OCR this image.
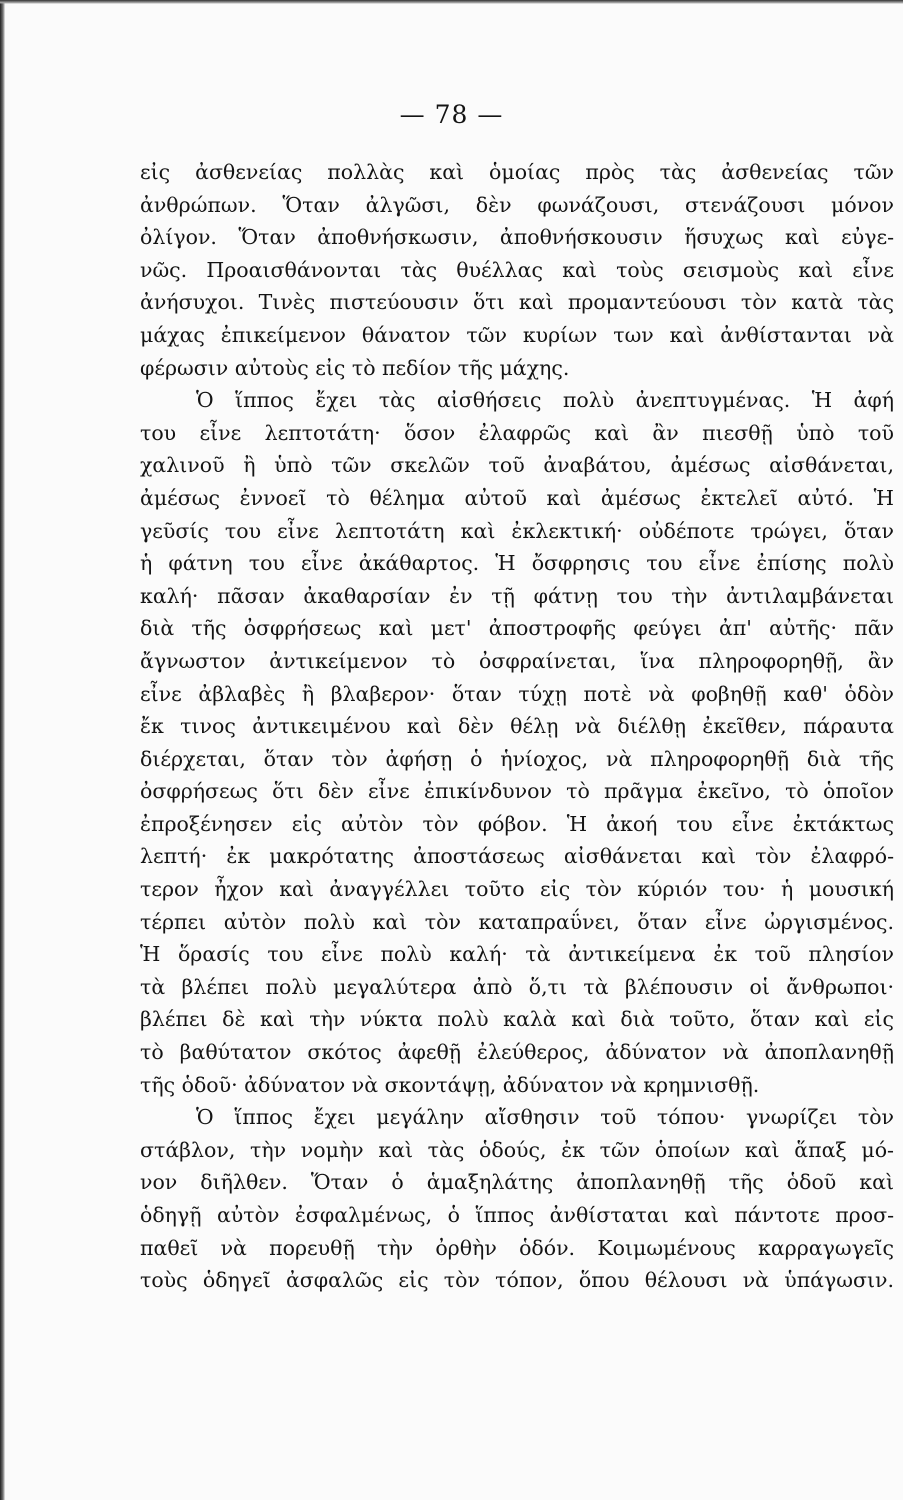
— 78 —

εἰς ἀσθενείας πολλὰς καὶ ὁμοίας πρὸς τὰς ἀσθενείας τῶν
ἀνθρώπων. Ὅταν ἀλγῶσι, δὲν φωνάζουσι, στενάζουσι μόνον
ὀλίγον. Ὅταν ἀποθνήσκωσιν, ἀποθνήσκουσιν ἥσυχως καὶ εὐγε-
νῶς. Προαισθάνονται τὰς θυέλλας καὶ τοὺς σεισμοὺς καὶ εἶνε
ἀνήσυχοι. Τινὲς πιστεύουσιν ὅτι καὶ προμαντεύουσι τὸν κατὰ τὰς
μάχας ἐπικείμενον θάνατον τῶν κυρίων των καὶ ἀνθίστανται νὰ
φέρωσιν αὐτοὺς εἰς τὸ πεδίον τῆς μάχης.

Ὁ ἵππος ἔχει τὰς αἰσθήσεις πολὺ ἀνεπτυγμένας. Ἡ ἀφή
του εἶνε λεπτοτάτη· ὅσον ἐλαφρῶς καὶ ἂν πιεσθῇ ὑπὸ τοῦ
χαλινοῦ ἢ ὑπὸ τῶν σκελῶν τοῦ ἀναβάτου, ἀμέσως αἰσθάνεται,
ἀμέσως ἐννοεῖ τὸ θέλημα αὐτοῦ καὶ ἀμέσως ἐκτελεῖ αὐτό. Ἡ
γεῦσίς του εἶνε λεπτοτάτη καὶ ἐκλεκτική· οὐδέποτε τρώγει, ὅταν
ἡ φάτνη του εἶνε ἀκάθαρτος. Ἡ ὄσφρησις του εἶνε ἐπίσης πολὺ
καλή· πᾶσαν ἀκαθαρσίαν ἐν τῇ φάτνῃ του τὴν ἀντιλαμβάνεται
διὰ τῆς ὀσφρήσεως καὶ μετ' ἀποστροφῆς φεύγει ἀπ' αὐτῆς· πᾶν
ἄγνωστον ἀντικείμενον τὸ ὀσφραίνεται, ἵνα πληροφορηθῇ, ἂν
εἶνε ἀβλαβὲς ἢ βλαβερον· ὅταν τύχῃ ποτὲ νὰ φοβηθῇ καθ' ὁδὸν
ἔκ τινος ἀντικειμένου καὶ δὲν θέλῃ νὰ διέλθῃ ἐκεῖθεν, πάραυτα
διέρχεται, ὅταν τὸν ἀφήσῃ ὁ ἡνίοχος, νὰ πληροφορηθῇ διὰ τῆς
ὀσφρήσεως ὅτι δὲν εἶνε ἐπικίνδυνον τὸ πρᾶγμα ἐκεῖνο, τὸ ὁποῖον
ἐπροξένησεν εἰς αὐτὸν τὸν φόβον. Ἡ ἀκοή του εἶνε ἐκτάκτως
λεπτή· ἐκ μακρότατης ἀποστάσεως αἰσθάνεται καὶ τὸν ἐλαφρό-
τερον ἦχον καὶ ἀναγγέλλει τοῦτο εἰς τὸν κύριόν του· ἡ μουσική
τέρπει αὐτὸν πολὺ καὶ τὸν καταπραΰνει, ὅταν εἶνε ὠργισμένος.
Ἡ ὅρασίς του εἶνε πολὺ καλή· τὰ ἀντικείμενα ἐκ τοῦ πλησίον
τὰ βλέπει πολὺ μεγαλύτερα ἀπὸ ὅ,τι τὰ βλέπουσιν οἱ ἄνθρωποι·
βλέπει δὲ καὶ τὴν νύκτα πολὺ καλὰ καὶ διὰ τοῦτο, ὅταν καὶ εἰς
τὸ βαθύτατον σκότος ἀφεθῇ ἐλεύθερος, ἀδύνατον νὰ ἀποπλανηθῇ
τῆς ὁδοῦ· ἀδύνατον νὰ σκοντάψῃ, ἀδύνατον νὰ κρημνισθῇ.

Ὁ ἵππος ἔχει μεγάλην αἴσθησιν τοῦ τόπου· γνωρίζει τὸν
στάβλον, τὴν νομὴν καὶ τὰς ὁδούς, ἐκ τῶν ὁποίων καὶ ἅπαξ μό-
νον διῆλθεν. Ὅταν ὁ ἁμαξηλάτης ἀποπλανηθῇ τῆς ὁδοῦ καὶ
ὁδηγῇ αὐτὸν ἐσφαλμένως, ὁ ἵππος ἀνθίσταται καὶ πάντοτε προσ-
παθεῖ νὰ πορευθῇ τὴν ὀρθὴν ὁδόν. Κοιμωμένους καρραγωγεῖς
τοὺς ὁδηγεῖ ἀσφαλῶς εἰς τὸν τόπον, ὅπου θέλουσι νὰ ὑπάγωσιν.
